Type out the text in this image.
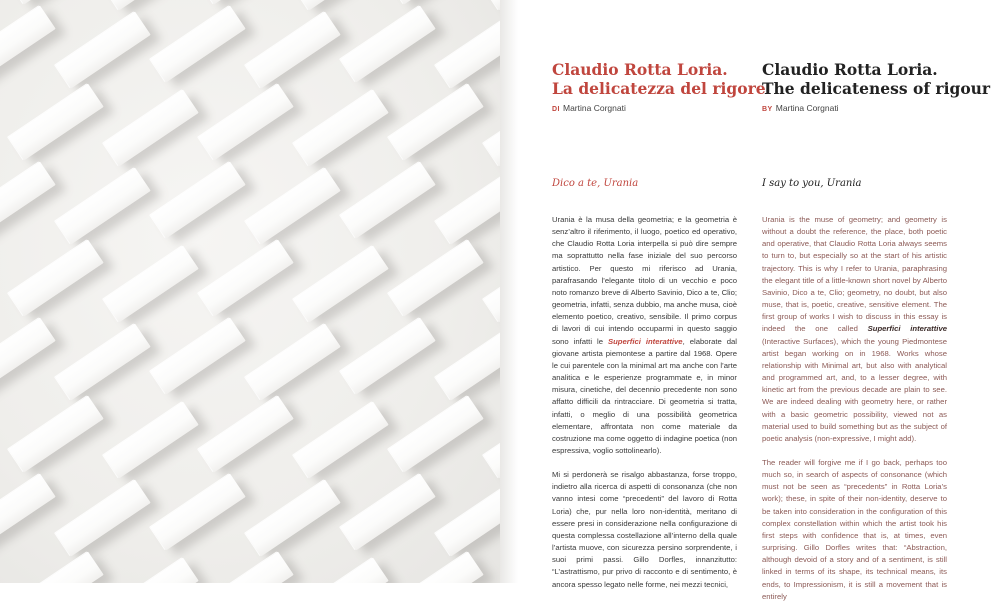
Claudio Rotta Loria.
La delicatezza del rigore
Claudio Rotta Loria.
The delicateness of rigour
DI Martina Corgnati	BY Martina Corgnati
Dico a te, Urania	I say to you, Urania

Urania è la musa della geometria; e la geometria è senz’altro il riferimento, il luogo, poetico ed operativo, che Claudio Rotta Loria interpella si può dire sempre ma soprattutto nella fase iniziale del suo percorso artistico. Per questo mi riferisco ad Urania, parafrasando l’elegante titolo di un vecchio e poco noto romanzo breve di Alberto Savinio, Dico a te, Clio; geometria, infatti, senza dubbio, ma anche musa, cioè elemento poetico, creativo, sensibile. Il primo corpus di lavori di cui intendo occuparmi in questo saggio sono infatti le Superfici interattive, elaborate dal giovane artista piemontese a partire dal 1968. Opere le cui parentele con la minimal art ma anche con l’arte analitica e le esperienze programmate e, in minor misura, cinetiche, del decennio precedente non sono affatto difficili da rintracciare. Di geometria si tratta, infatti, o meglio di una possibilità geometrica elementare, affrontata non come materiale da costruzione ma come oggetto di indagine poetica (non espressiva, voglio sottolinearlo).

Mi si perdonerà se risalgo abbastanza, forse troppo, indietro alla ricerca di aspetti di consonanza (che non vanno intesi come “precedenti” del lavoro di Rotta Loria) che, pur nella loro non-identità, meritano di essere presi in considerazione nella configurazione di questa complessa costellazione all’interno della quale l’artista muove, con sicurezza persino sorprendente, i suoi primi passi. Gillo Dorfles, innanzitutto: “L’astrattismo, pur privo di racconto e di sentimento, è ancora spesso legato nelle forme, nei mezzi tecnici,

Urania is the muse of geometry; and geometry is without a doubt the reference, the place, both poetic and operative, that Claudio Rotta Loria always seems to turn to, but especially so at the start of his artistic trajectory. This is why I refer to Urania, paraphrasing the elegant title of a little-known short novel by Alberto Savinio, Dico a te, Clio; geometry, no doubt, but also muse, that is, poetic, creative, sensitive element. The first group of works I wish to discuss in this essay is indeed the one called Superfici interattive (Interactive Surfaces), which the young Piedmontese artist began working on in 1968. Works whose relationship with Minimal art, but also with analytical and programmed art, and, to a lesser degree, with kinetic art from the previous decade are plain to see. We are indeed dealing with geometry here, or rather with a basic geometric possibility, viewed not as material used to build something but as the subject of poetic analysis (non-expressive, I might add).

The reader will forgive me if I go back, perhaps too much so, in search of aspects of consonance (which must not be seen as “precedents” in Rotta Loria’s work); these, in spite of their non-identity, deserve to be taken into consideration in the configuration of this complex constellation within which the artist took his first steps with confidence that is, at times, even surprising. Gillo Dorfles writes that: “Abstraction, although devoid of a story and of a sentiment, is still linked in terms of its shape, its technical means, its ends, to Impressionism, it is still a movement that is entirely
